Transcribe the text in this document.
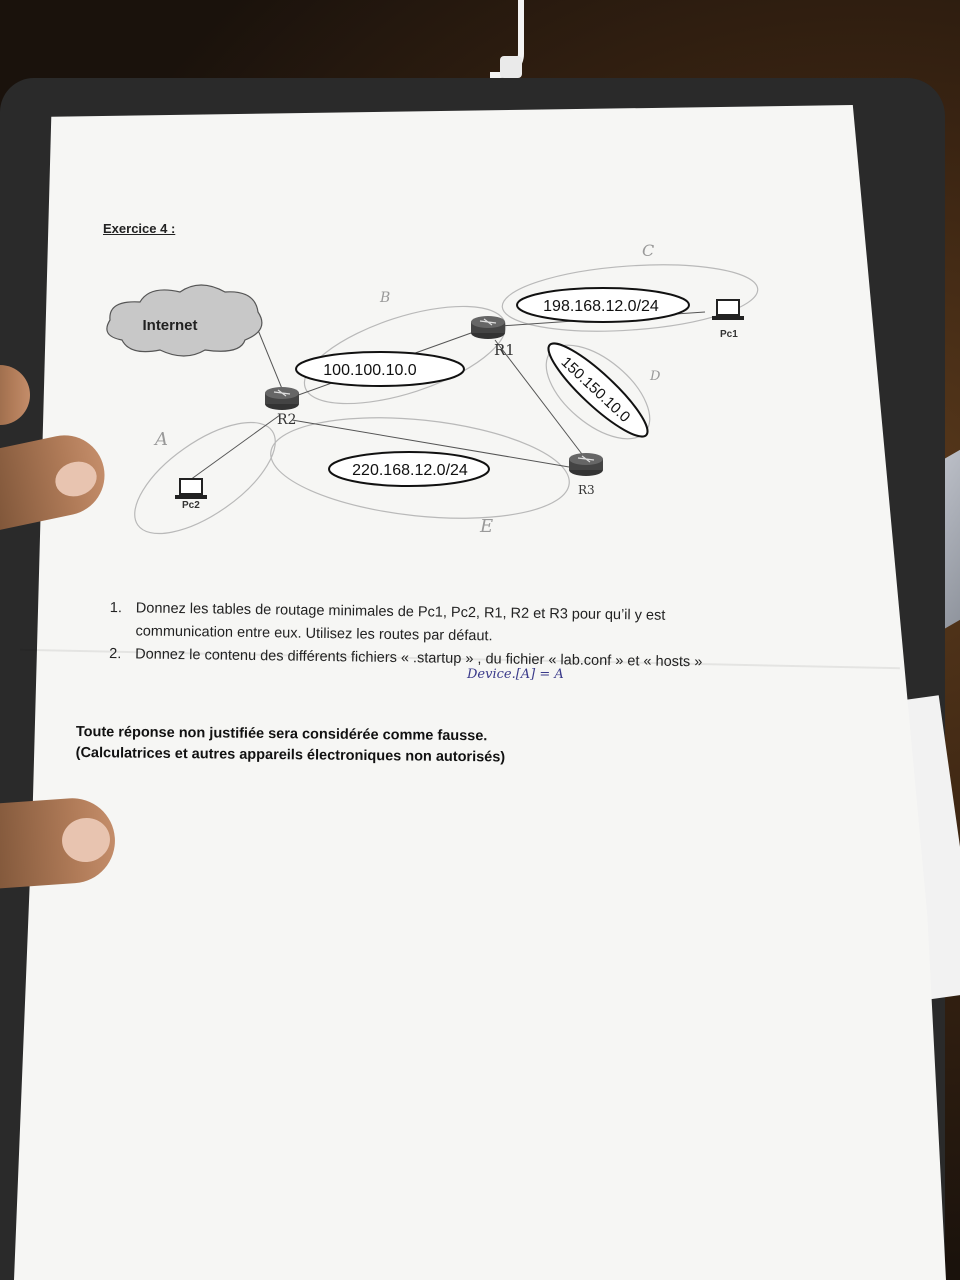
Exercice 4 :
Internet
R1
R2
R3
Pc1
Pc2
100.100.10.0
198.168.12.0/24
150.150.10.0
220.168.12.0/24
B
C
D
A
E
Device.[A] = A
1. Donnez les tables de routage minimales de Pc1, Pc2, R1, R2 et R3 pour qu’il y est
communication entre eux. Utilisez les routes par défaut.
2. Donnez le contenu des différents fichiers « .startup » , du fichier « lab.conf » et « hosts »
Toute réponse non justifiée sera considérée comme fausse.
(Calculatrices et autres appareils électroniques non autorisés)
